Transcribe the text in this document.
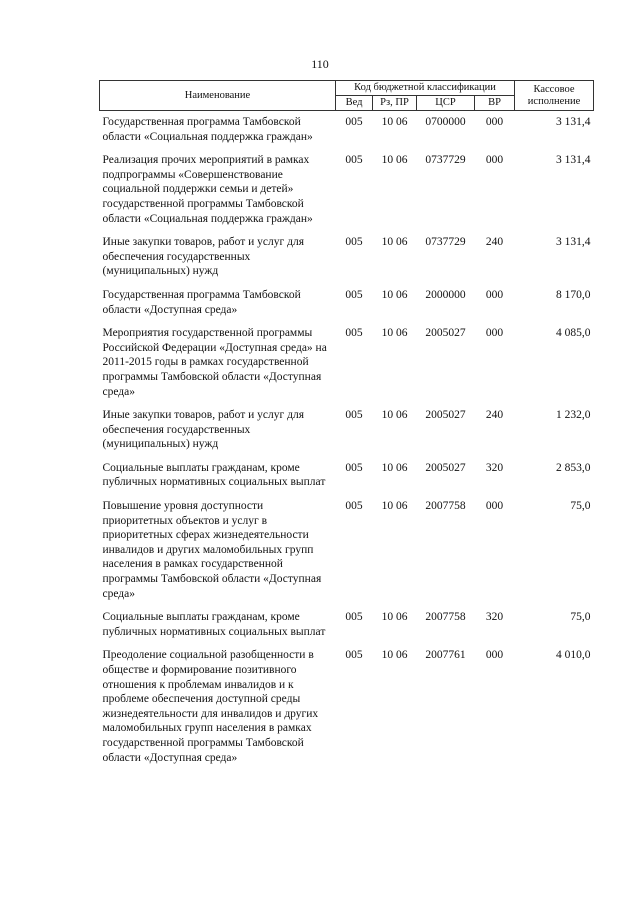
110
Наименование	Код бюджетной классификации				Кассовое исполнение
	Вед	Рз, ПР	ЦСР	ВР	
Государственная программа Тамбовской области «Социальная поддержка граждан»	005	10 06	0700000	000	3 131,4
Реализация прочих мероприятий в рамках подпрограммы «Совершенствование социальной поддержки семьи и детей» государственной программы Тамбовской области «Социальная поддержка граждан»	005	10 06	0737729	000	3 131,4
Иные закупки товаров, работ и услуг для обеспечения государственных (муниципальных) нужд	005	10 06	0737729	240	3 131,4
Государственная программа Тамбовской области «Доступная среда»	005	10 06	2000000	000	8 170,0
Мероприятия государственной программы Российской Федерации «Доступная среда» на 2011-2015 годы в рамках государственной программы Тамбовской области «Доступная среда»	005	10 06	2005027	000	4 085,0
Иные закупки товаров, работ и услуг для обеспечения государственных (муниципальных) нужд	005	10 06	2005027	240	1 232,0
Социальные выплаты гражданам, кроме публичных нормативных социальных выплат	005	10 06	2005027	320	2 853,0
Повышение уровня доступности приоритетных объектов и услуг в приоритетных сферах жизнедеятельности инвалидов и других маломобильных групп населения в рамках государственной программы Тамбовской области «Доступная среда»	005	10 06	2007758	000	75,0
Социальные выплаты гражданам, кроме публичных нормативных социальных выплат	005	10 06	2007758	320	75,0
Преодоление социальной разобщенности в обществе и формирование позитивного отношения к проблемам инвалидов и к проблеме обеспечения доступной среды жизнедеятельности для инвалидов и других маломобильных групп населения в рамках государственной программы Тамбовской области «Доступная среда»	005	10 06	2007761	000	4 010,0
